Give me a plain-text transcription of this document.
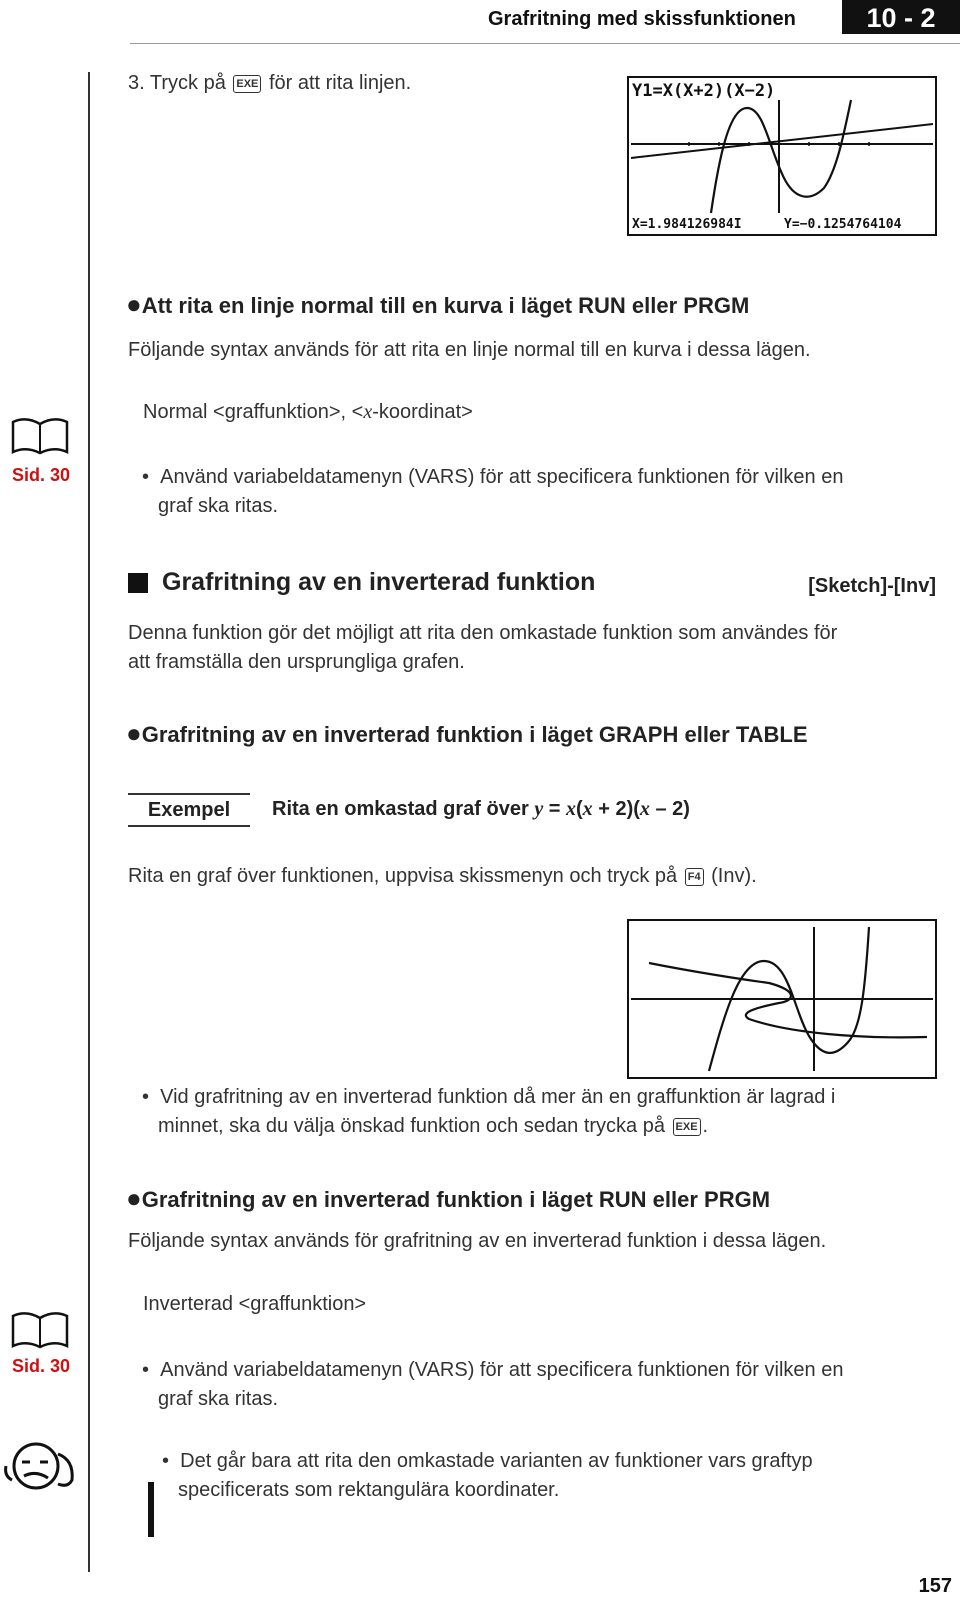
Grafritning med skissfunktionen	10 - 2
3. Tryck på EXE för att rita linjen.	Y1=X(X+2)(X−2)
X=1.984126984I	Y=−0.1254764104
●Att rita en linje normal till en kurva i läget RUN eller PRGM
Följande syntax används för att rita en linje normal till en kurva i dessa lägen.
Normal <graffunktion>, <x-koordinat>
Sid. 30	•  Använd variabeldatamenyn (VARS) för att specificera funktionen för vilken en
graf ska ritas.
Grafritning av en inverterad funktion	[Sketch]-[Inv]
Denna funktion gör det möjligt att rita den omkastade funktion som användes för
att framställa den ursprungliga grafen.
●Grafritning av en inverterad funktion i läget GRAPH eller TABLE
Exempel	Rita en omkastad graf över y = x(x + 2)(x – 2)
Rita en graf över funktionen, uppvisa skissmenyn och tryck på F4 (Inv).
•  Vid grafritning av en inverterad funktion då mer än en graffunktion är lagrad i
minnet, ska du välja önskad funktion och sedan trycka på EXE .
●Grafritning av en inverterad funktion i läget RUN eller PRGM
Följande syntax används för grafritning av en inverterad funktion i dessa lägen.
Inverterad <graffunktion>
Sid. 30	•  Använd variabeldatamenyn (VARS) för att specificera funktionen för vilken en
graf ska ritas.
•  Det går bara att rita den omkastade varianten av funktioner vars graftyp
specificerats som rektangulära koordinater.
157
